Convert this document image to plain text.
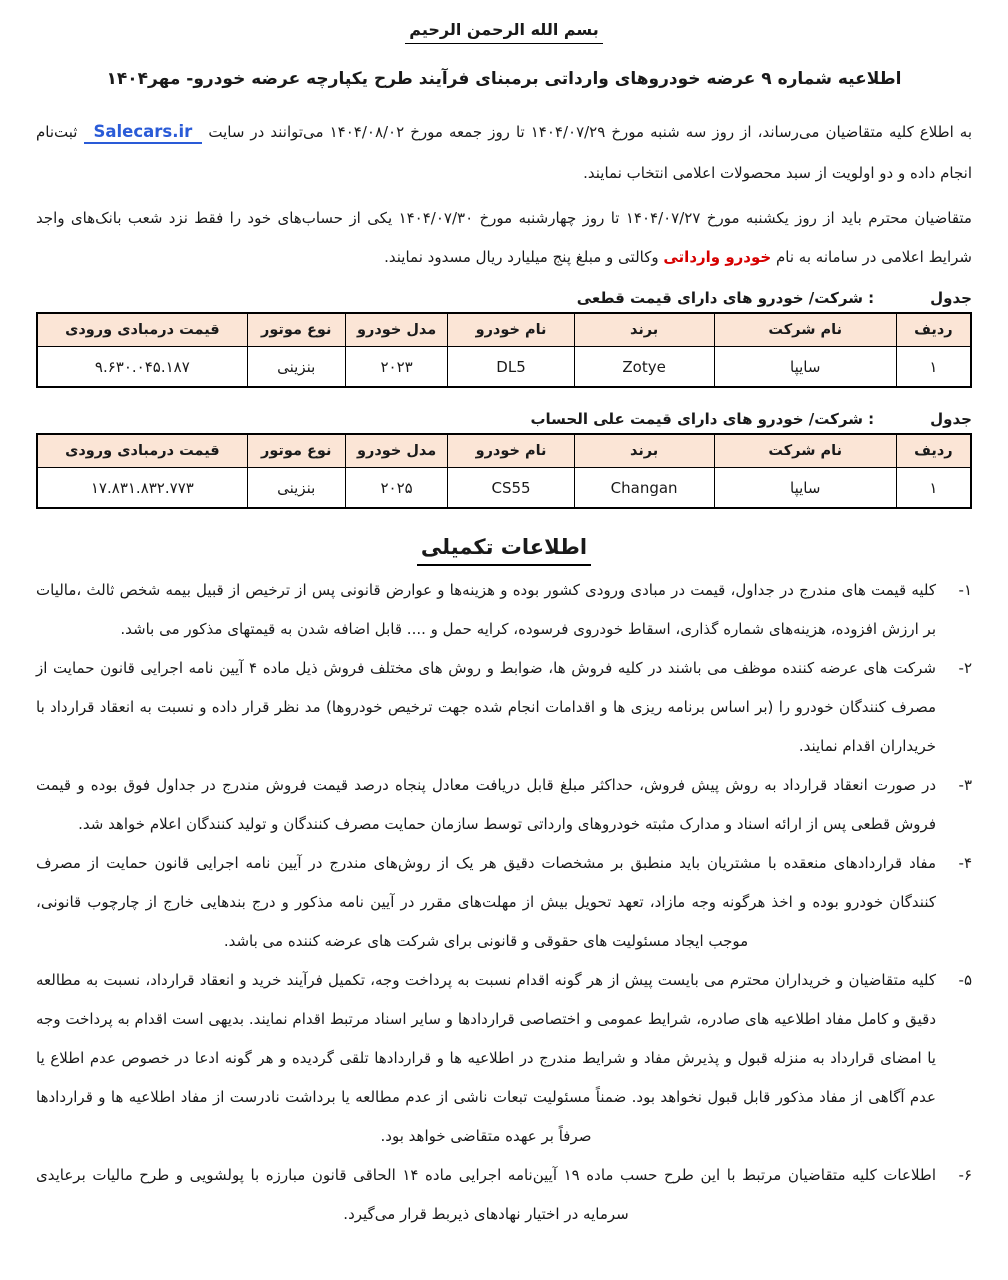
بسم الله الرحمن الرحیم
اطلاعیه شماره ۹ عرضه خودروهای وارداتی برمبنای فرآیند طرح یکپارچه عرضه خودرو- مهر۱۴۰۴

به اطلاع کلیه متقاضیان می‌رساند، از روز سه شنبه مورخ ۱۴۰۴/۰۷/۲۹ تا روز جمعه مورخ ۱۴۰۴/۰۸/۰۲ می‌توانند در سایت Salecars.ir ثبت‌نام انجام داده و دو اولویت از سبد محصولات اعلامی انتخاب نمایند.

متقاضیان محترم باید از روز یکشنبه مورخ ۱۴۰۴/۰۷/۲۷ تا روز چهارشنبه مورخ ۱۴۰۴/۰۷/۳۰ یکی از حساب‌های خود را فقط نزد شعب بانک‌های واجد شرایط اعلامی در سامانه به نام خودرو وارداتی وکالتی و مبلغ پنج میلیارد ریال مسدود نمایند.

جدول
: شرکت/ خودرو های دارای قیمت قطعی
ردیف	نام شرکت	برند	نام خودرو	مدل خودرو	نوع موتور	قیمت درمبادی ورودی
۱	سایپا	Zotye	DL5	۲۰۲۳	بنزینی	۹.۶۳۰.۰۴۵.۱۸۷
جدول
: شرکت/ خودرو های دارای قیمت علی الحساب
ردیف	نام شرکت	برند	نام خودرو	مدل خودرو	نوع موتور	قیمت درمبادی ورودی
۱	سایپا	Changan	CS55	۲۰۲۵	بنزینی	۱۷.۸۳۱.۸۳۲.۷۷۳
اطلاعات تکمیلی
۱-
کلیه قیمت های مندرج در جداول، قیمت در مبادی ورودی کشور بوده و هزینه‌ها و عوارض قانونی پس از ترخیص از قبیل بیمه شخص ثالث ،مالیات بر ارزش افزوده، هزینه‌های شماره گذاری، اسقاط خودروی فرسوده، کرایه حمل و .... قابل اضافه شدن به قیمتهای مذکور می باشد.
۲-
شرکت های عرضه کننده موظف می باشند در کلیه فروش ها، ضوابط و روش های مختلف فروش ذیل ماده ۴ آیین نامه اجرایی قانون حمایت از مصرف کنندگان خودرو را (بر اساس برنامه ریزی ها و اقدامات انجام شده جهت ترخیص خودروها) مد نظر قرار داده و نسبت به انعقاد قرارداد با خریداران اقدام نمایند.
۳-
در صورت انعقاد قرارداد به روش پیش فروش، حداکثر مبلغ قابل دریافت معادل پنجاه درصد قیمت فروش مندرج در جداول فوق بوده و قیمت فروش قطعی پس از ارائه اسناد و مدارک مثبته خودروهای وارداتی توسط سازمان حمایت مصرف کنندگان و تولید کنندگان اعلام خواهد شد.
۴-
مفاد قراردادهای منعقده با مشتریان باید منطبق بر مشخصات دقیق هر یک از روش‌های مندرج در آیین نامه اجرایی قانون حمایت از مصرف کنندگان خودرو بوده و اخذ هرگونه وجه مازاد، تعهد تحویل بیش از مهلت‌های مقرر در آیین نامه مذکور و درج بندهایی خارج از چارچوب قانونی، موجب ایجاد مسئولیت های حقوقی و قانونی برای شرکت های عرضه کننده می باشد.
۵-
کلیه متقاضیان و خریداران محترم می بایست پیش از هر گونه اقدام نسبت به پرداخت وجه، تکمیل فرآیند خرید و انعقاد قرارداد، نسبت به مطالعه دقیق و کامل مفاد اطلاعیه های صادره، شرایط عمومی و اختصاصی قراردادها و سایر اسناد مرتبط اقدام نمایند. بدیهی است اقدام به پرداخت وجه یا امضای قرارداد به منزله قبول و پذیرش مفاد و شرایط مندرج در اطلاعیه ها و قراردادها تلقی گردیده و هر گونه ادعا در خصوص عدم اطلاع یا عدم آگاهی از مفاد مذکور قابل قبول نخواهد بود. ضمناً مسئولیت تبعات ناشی از عدم مطالعه یا برداشت نادرست از مفاد اطلاعیه ها و قراردادها صرفاً بر عهده متقاضی خواهد بود.
۶-
اطلاعات کلیه متقاضیان مرتبط با این طرح حسب ماده ۱۹ آیین‌نامه اجرایی ماده ۱۴ الحاقی قانون مبارزه با پولشویی و طرح مالیات برعایدی سرمایه در اختیار نهادهای ذیربط قرار می‌گیرد.
